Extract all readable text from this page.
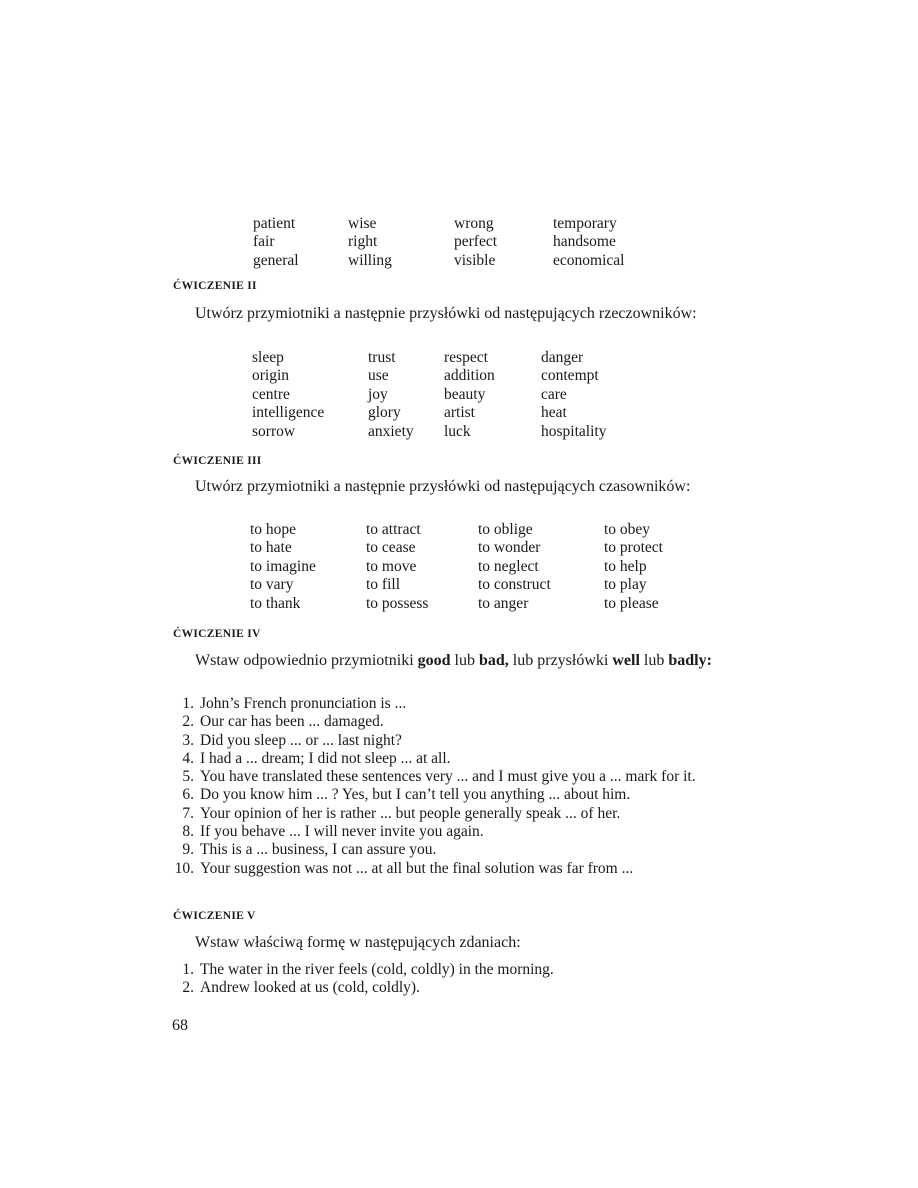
patient
fair
general
wise
right
willing
wrong
perfect
visible
temporary
handsome
economical
ĆWICZENIE II
Utwórz przymiotniki a następnie przysłówki od następujących rzeczowników:
sleep
origin
centre
intelligence
sorrow
trust
use
joy
glory
anxiety
respect
addition
beauty
artist
luck
danger
contempt
care
heat
hospitality
ĆWICZENIE III
Utwórz przymiotniki a następnie przysłówki od następujących czasowników:
to hope
to hate
to imagine
to vary
to thank
to attract
to cease
to move
to fill
to possess
to oblige
to wonder
to neglect
to construct
to anger
to obey
to protect
to help
to play
to please
ĆWICZENIE IV
Wstaw odpowiednio przymiotniki good lub bad, lub przysłówki well lub badly:
1. John’s French pronunciation is ...
2. Our car has been ... damaged.
3. Did you sleep ... or ... last night?
4. I had a ... dream; I did not sleep ... at all.
5. You have translated these sentences very ... and I must give you a ... mark for it.
6. Do you know him ... ? Yes, but I can’t tell you anything ... about him.
7. Your opinion of her is rather ... but people generally speak ... of her.
8. If you behave ... I will never invite you again.
9. This is a ... business, I can assure you.
10. Your suggestion was not ... at all but the final solution was far from ...
ĆWICZENIE V
Wstaw właściwą formę w następujących zdaniach:
1. The water in the river feels (cold, coldly) in the morning.
2. Andrew looked at us (cold, coldly).
68
